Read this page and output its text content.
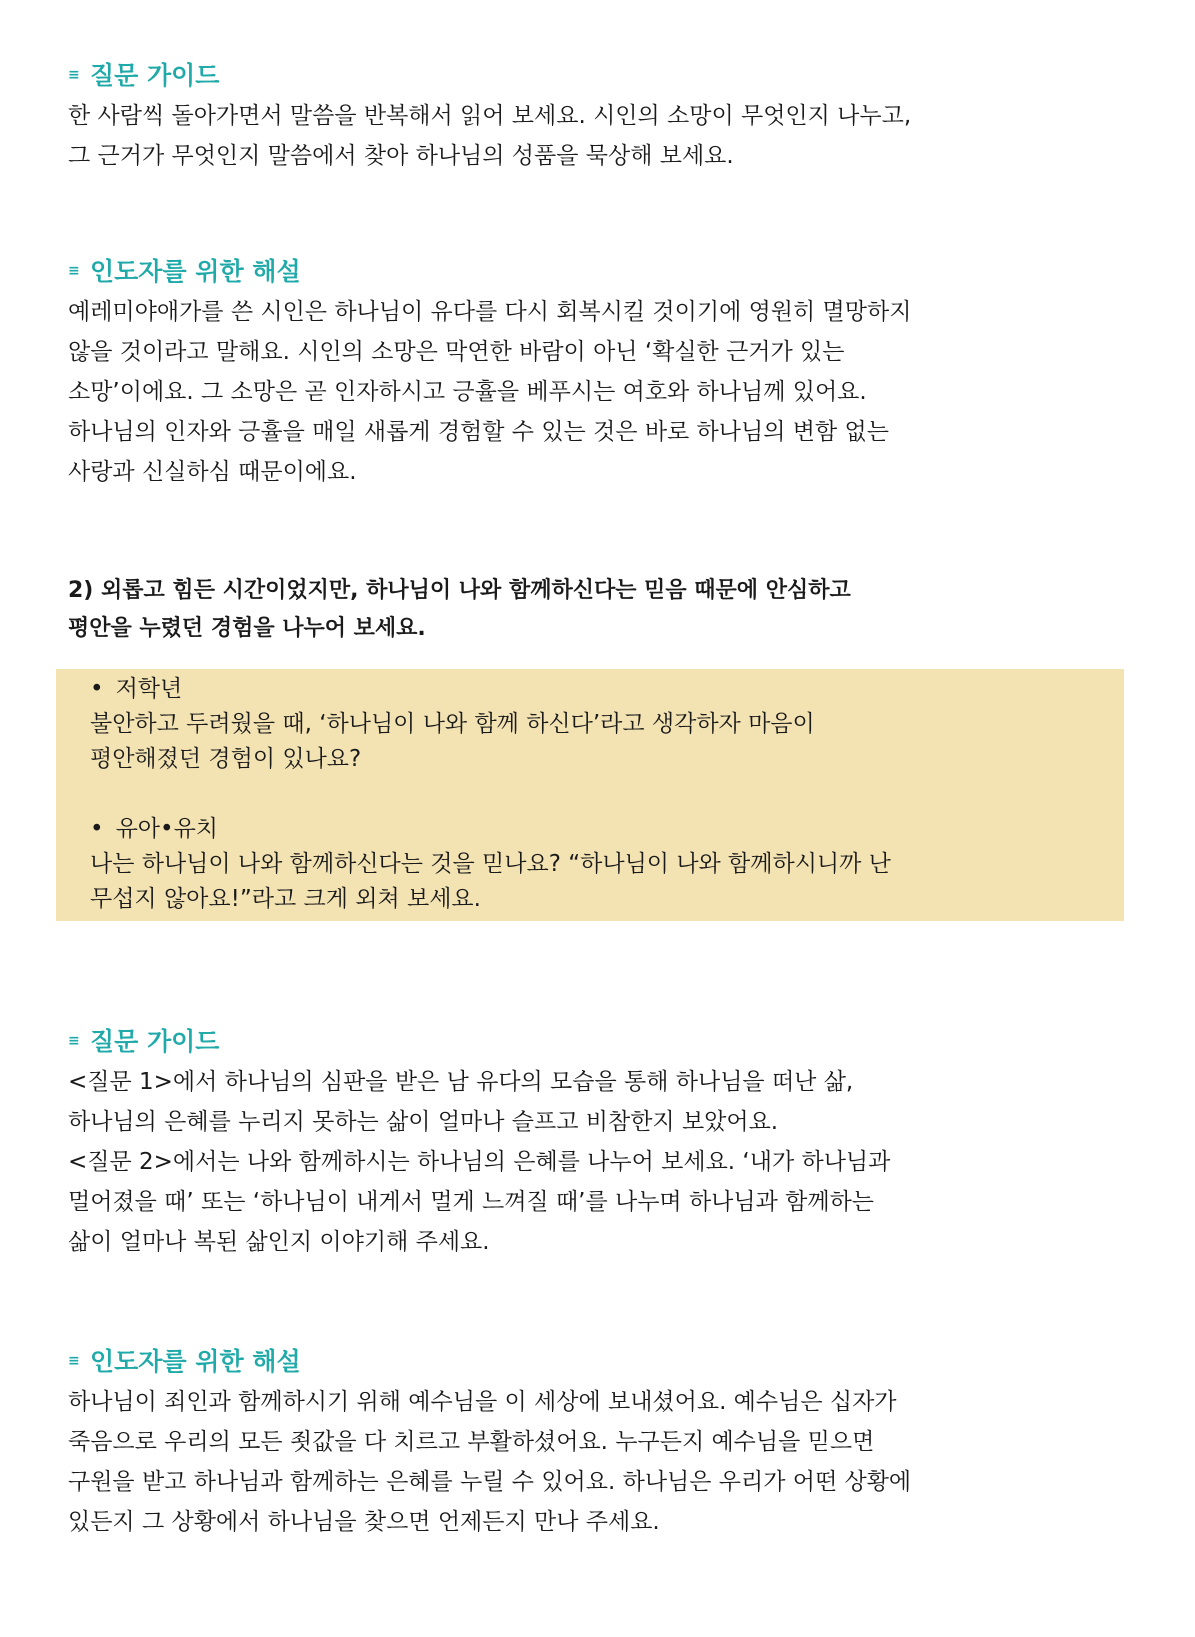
≡ 질문 가이드
한 사람씩 돌아가면서 말씀을 반복해서 읽어 보세요. 시인의 소망이 무엇인지 나누고,
그 근거가 무엇인지 말씀에서 찾아 하나님의 성품을 묵상해 보세요.
≡ 인도자를 위한 해설
예레미야애가를 쓴 시인은 하나님이 유다를 다시 회복시킬 것이기에 영원히 멸망하지
않을 것이라고 말해요. 시인의 소망은 막연한 바람이 아닌 ‘확실한 근거가 있는
소망’이에요. 그 소망은 곧 인자하시고 긍휼을 베푸시는 여호와 하나님께 있어요.
하나님의 인자와 긍휼을 매일 새롭게 경험할 수 있는 것은 바로 하나님의 변함 없는
사랑과 신실하심 때문이에요.
2) 외롭고 힘든 시간이었지만, 하나님이 나와 함께하신다는 믿음 때문에 안심하고
평안을 누렸던 경험을 나누어 보세요.
• 저학년
불안하고 두려웠을 때, ‘하나님이 나와 함께 하신다’라고 생각하자 마음이
평안해졌던 경험이 있나요?
• 유아•유치
나는 하나님이 나와 함께하신다는 것을 믿나요? “하나님이 나와 함께하시니까 난
무섭지 않아요!”라고 크게 외쳐 보세요.
≡ 질문 가이드
<질문 1>에서 하나님의 심판을 받은 남 유다의 모습을 통해 하나님을 떠난 삶,
하나님의 은혜를 누리지 못하는 삶이 얼마나 슬프고 비참한지 보았어요.
<질문 2>에서는 나와 함께하시는 하나님의 은혜를 나누어 보세요. ‘내가 하나님과
멀어졌을 때’ 또는 ‘하나님이 내게서 멀게 느껴질 때’를 나누며 하나님과 함께하는
삶이 얼마나 복된 삶인지 이야기해 주세요.
≡ 인도자를 위한 해설
하나님이 죄인과 함께하시기 위해 예수님을 이 세상에 보내셨어요. 예수님은 십자가
죽음으로 우리의 모든 죗값을 다 치르고 부활하셨어요. 누구든지 예수님을 믿으면
구원을 받고 하나님과 함께하는 은혜를 누릴 수 있어요. 하나님은 우리가 어떤 상황에
있든지 그 상황에서 하나님을 찾으면 언제든지 만나 주세요.
